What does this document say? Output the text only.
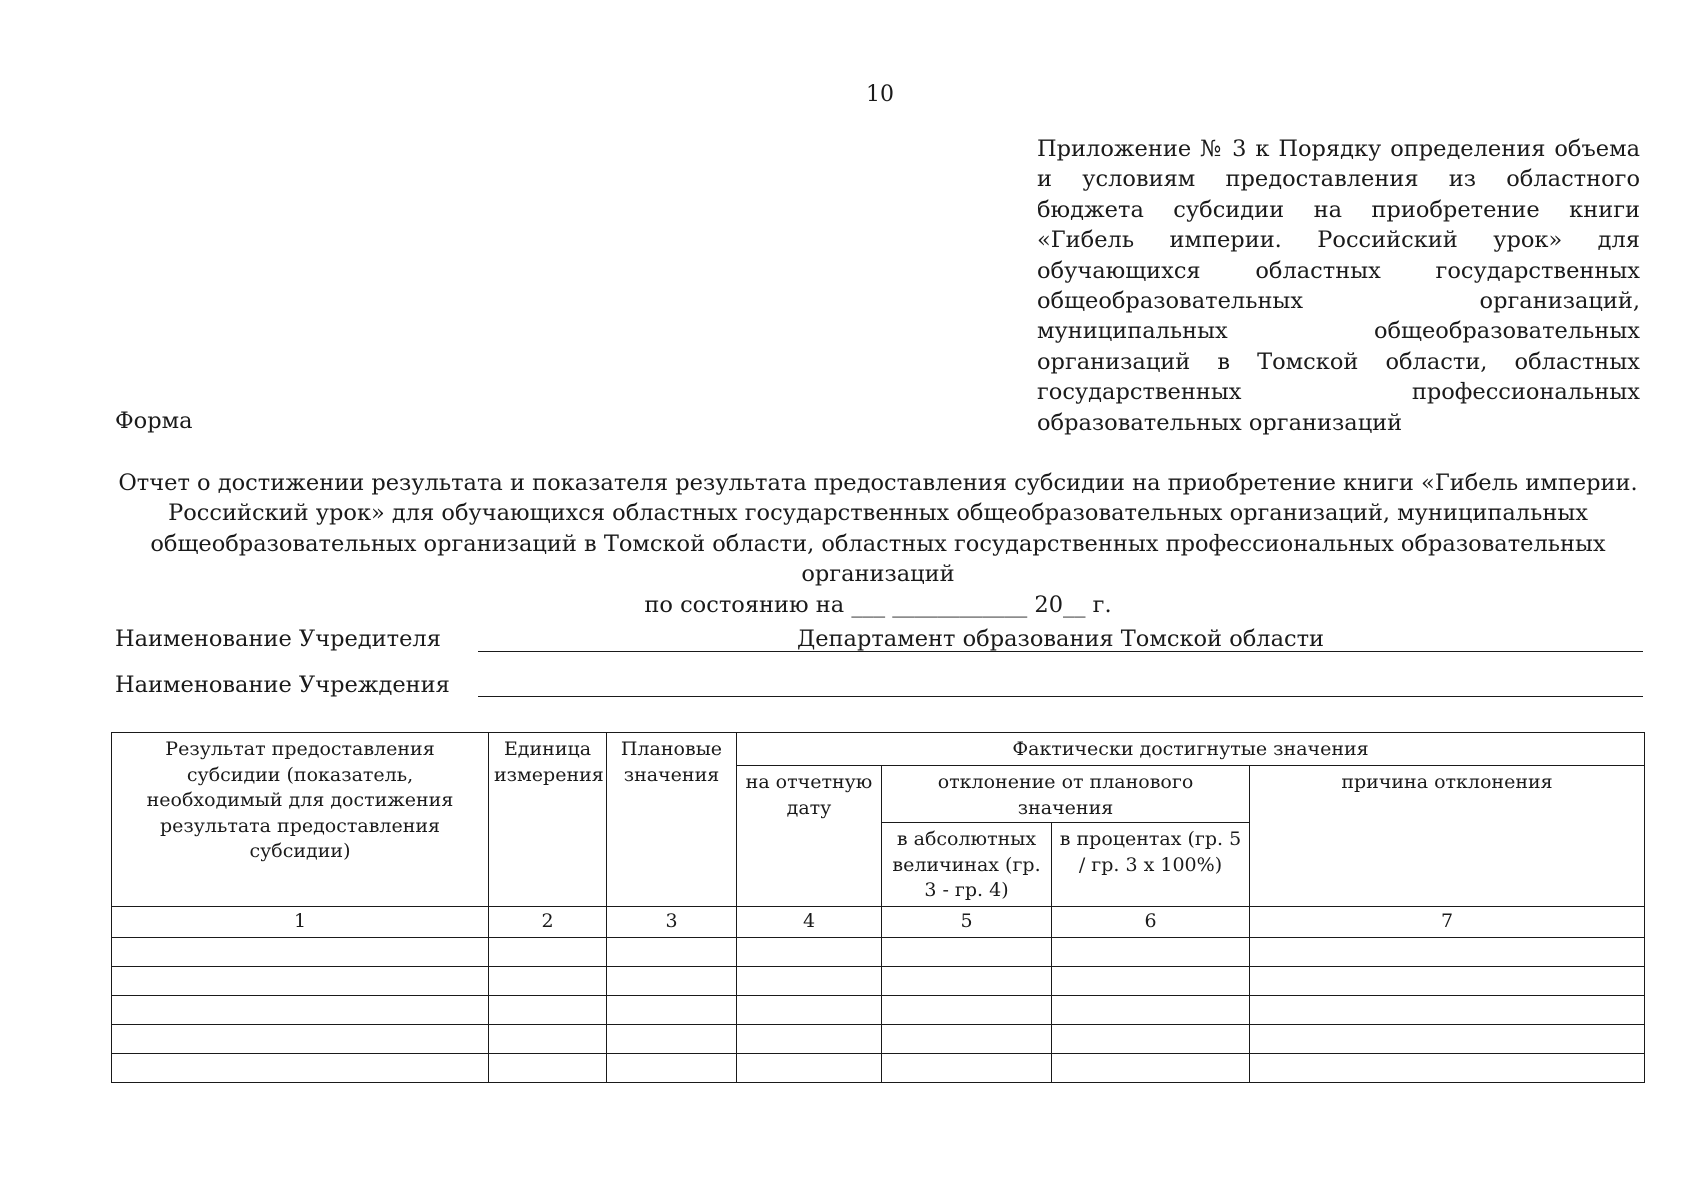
10
Приложение № 3 к Порядку определения объема и условиям предоставления из областного бюджета субсидии на приобретение книги «Гибель империи. Российский урок» для обучающихся областных государственных общеобразовательных организаций, муниципальных общеобразовательных организаций в Томской области, областных государственных профессиональных образовательных организаций
Форма
Отчет о достижении результата и показателя результата предоставления субсидии на приобретение книги «Гибель империи.
Российский урок» для обучающихся областных государственных общеобразовательных организаций, муниципальных
общеобразовательных организаций в Томской области, областных государственных профессиональных образовательных организаций
по состоянию на ___ ____________ 20__ г.
Наименование Учредителя	Департамент образования Томской области
Наименование Учреждения
Результат предоставления субсидии (показатель, необходимый для достижения результата предоставления субсидии)	Единица измерения	Плановые значения	Фактически достигнутые значения			
			на отчетную дату	отклонение от планового значения		причина отклонения
				в абсолютных величинах (гр. 3 - гр. 4)	в процентах (гр. 5 / гр. 3 х 100%)	
1	2	3	4	5	6	7
